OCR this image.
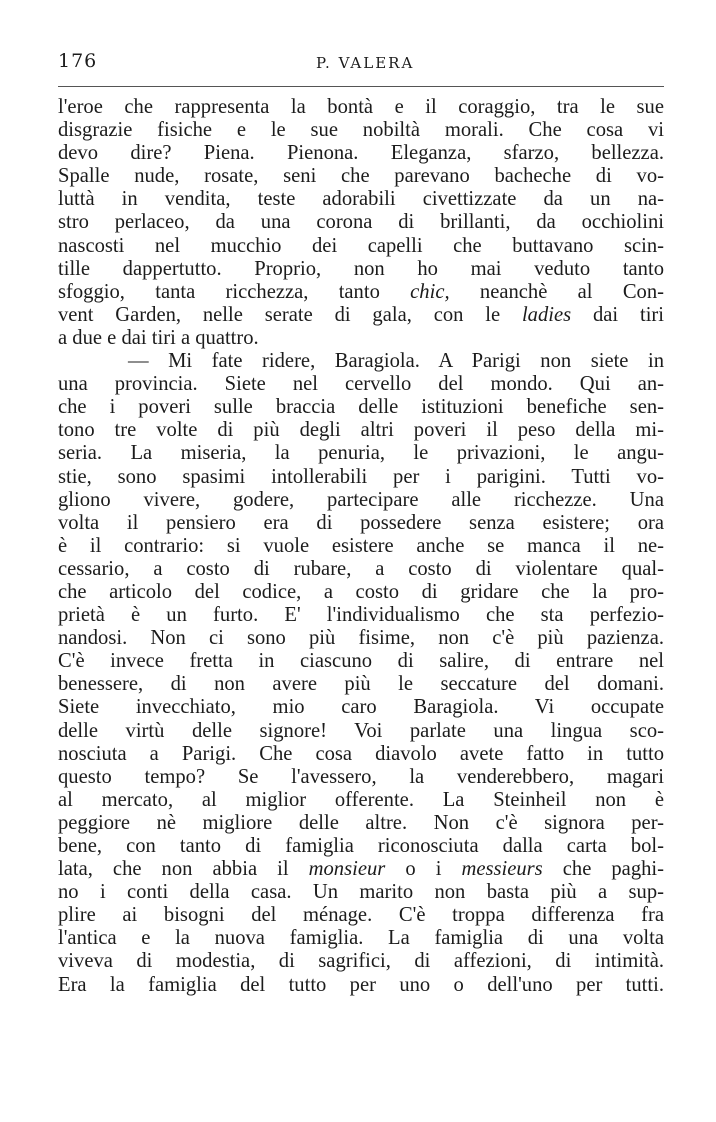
176	P. VALERA
l'eroe che rappresenta la bontà e il coraggio, tra le sue
disgrazie fisiche e le sue nobiltà morali. Che cosa vi
devo dire? Piena. Pienona. Eleganza, sfarzo, bellezza.
Spalle nude, rosate, seni che parevano bacheche di vo-
luttà in vendita, teste adorabili civettizzate da un na-
stro perlaceo, da una corona di brillanti, da occhiolini
nascosti nel mucchio dei capelli che buttavano scin-
tille dappertutto. Proprio, non ho mai veduto tanto
sfoggio, tanta ricchezza, tanto chic, neanchè al Con-
vent Garden, nelle serate di gala, con le ladies dai tiri
a due e dai tiri a quattro.
— Mi fate ridere, Baragiola. A Parigi non siete in
una provincia. Siete nel cervello del mondo. Qui an-
che i poveri sulle braccia delle istituzioni benefiche sen-
tono tre volte di più degli altri poveri il peso della mi-
seria. La miseria, la penuria, le privazioni, le angu-
stie, sono spasimi intollerabili per i parigini. Tutti vo-
gliono vivere, godere, partecipare alle ricchezze. Una
volta il pensiero era di possedere senza esistere; ora
è il contrario: si vuole esistere anche se manca il ne-
cessario, a costo di rubare, a costo di violentare qual-
che articolo del codice, a costo di gridare che la pro-
prietà è un furto. E' l'individualismo che sta perfezio-
nandosi. Non ci sono più fisime, non c'è più pazienza.
C'è invece fretta in ciascuno di salire, di entrare nel
benessere, di non avere più le seccature del domani.
Siete invecchiato, mio caro Baragiola. Vi occupate
delle virtù delle signore! Voi parlate una lingua sco-
nosciuta a Parigi. Che cosa diavolo avete fatto in tutto
questo tempo? Se l'avessero, la venderebbero, magari
al mercato, al miglior offerente. La Steinheil non è
peggiore nè migliore delle altre. Non c'è signora per-
bene, con tanto di famiglia riconosciuta dalla carta bol-
lata, che non abbia il monsieur o i messieurs che paghi-
no i conti della casa. Un marito non basta più a sup-
plire ai bisogni del ménage. C'è troppa differenza fra
l'antica e la nuova famiglia. La famiglia di una volta
viveva di modestia, di sagrifici, di affezioni, di intimità.
Era la famiglia del tutto per uno o dell'uno per tutti.
